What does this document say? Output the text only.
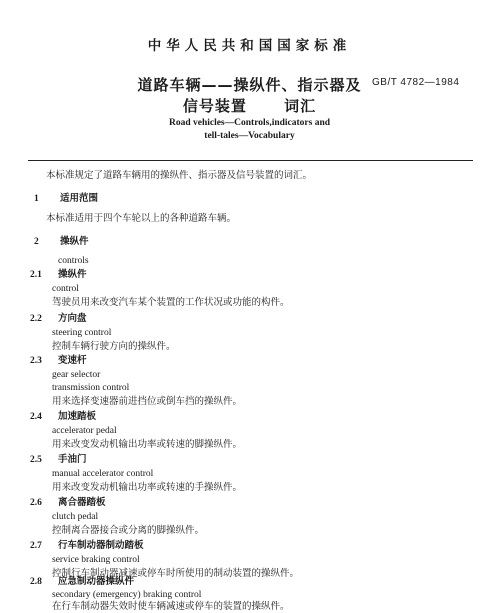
中华人民共和国国家标准
道路车辆——操纵件、指示器及
信号装置      词汇
GB/T 4782—1984
Road vehicles—Controls,indicators and
tell-tales—Vocabulary
本标准规定了道路车辆用的操纵件、指示器及信号装置的词汇。
1 适用范围
本标准适用于四个车轮以上的各种道路车辆。
2 操纵件
controls
2.1 操纵件
control
驾驶员用来改变汽车某个装置的工作状况或功能的构件。
2.2 方向盘
steering control
控制车辆行驶方向的操纵件。
2.3 变速杆
gear selector
transmission control
用来选择变速器前进挡位或倒车挡的操纵件。
2.4 加速踏板
accelerator pedal
用来改变发动机输出功率或转速的脚操纵件。
2.5 手油门
manual accelerator control
用来改变发动机输出功率或转速的手操纵件。
2.6 离合器踏板
clutch pedal
控制离合器接合或分离的脚操纵件。
2.7 行车制动器制动踏板
service braking control
控制行车制动器减速或停车时所使用的制动装置的操纵件。
2.8 应急制动器操纵件
secondary (emergency) braking control
在行车制动器失效时使车辆减速或停车的装置的操纵件。
